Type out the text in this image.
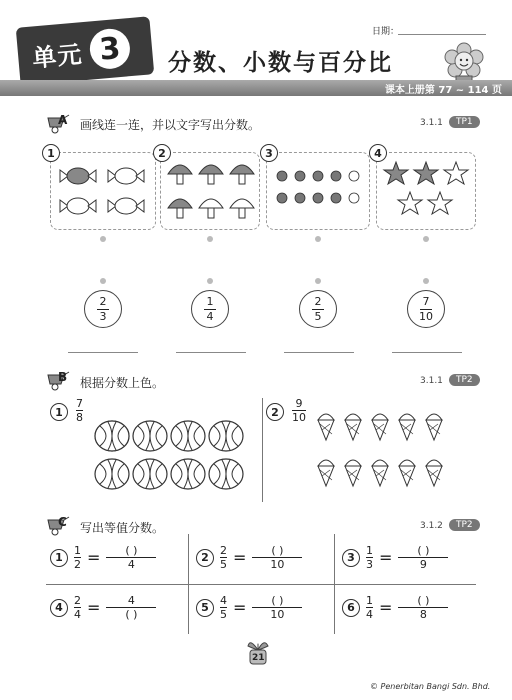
单元 3	分数、小数与百分比
日期：
课本上册第 77 ~ 114 页
A 画线连一连，并以文字写出分数。	3.1.1	TP1
1	2	3	4
2
3
1
4
2
5
7
10
B 根据分数上色。	3.1.1	TP2
1
7
8	2
9
10
C 写出等值分数。	3.1.2	TP2
1	$\frac{1}{2} = \frac{( )}{4}$	2	$\frac{2}{5} = \frac{( )}{10}$	3	$\frac{1}{3} = \frac{( )}{9}$
4	$\frac{2}{4} = \frac{4}{( )}$	5	$\frac{4}{5} = \frac{( )}{10}$	6	$\frac{1}{4} = \frac{( )}{8}$
21
© Penerbitan Bangi Sdn. Bhd.
